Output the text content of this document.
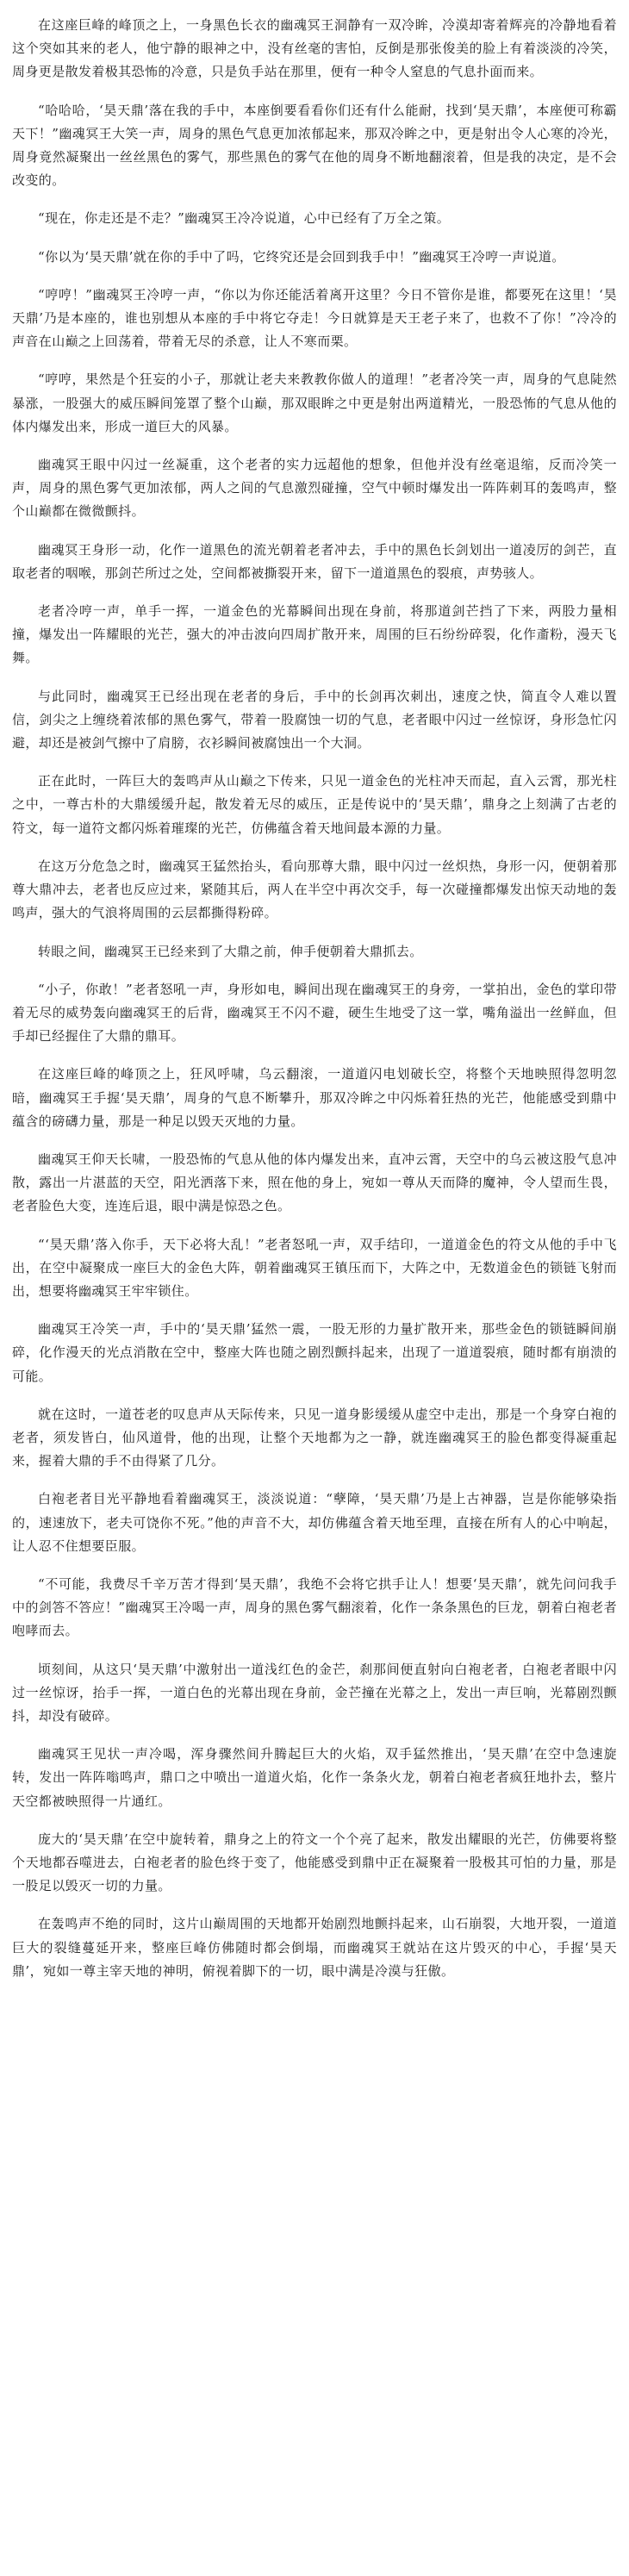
在这座巨峰的峰顶之上，一身黑色长衣的幽魂冥王洞静有一双冷眸，冷漠却寄着辉亮的冷静地看着这个突如其来的老人，他宁静的眼神之中，没有丝毫的害怕，反倒是那张俊美的脸上有着淡淡的冷笑，周身更是散发着极其恐怖的冷意，只是负手站在那里，便有一种令人窒息的气息扑面而来。

“哈哈哈，‘昊天鼎’落在我的手中，本座倒要看看你们还有什么能耐，找到‘昊天鼎’，本座便可称霸天下！”幽魂冥王大笑一声，周身的黑色气息更加浓郁起来，那双冷眸之中，更是射出令人心寒的冷光，周身竟然凝聚出一丝丝黑色的雾气，那些黑色的雾气在他的周身不断地翻滚着，但是我的决定，是不会改变的。

“现在，你走还是不走？”幽魂冥王冷冷说道，心中已经有了万全之策。

“你以为‘昊天鼎’就在你的手中了吗，它终究还是会回到我手中！”幽魂冥王冷哼一声说道。

“哼哼！”幽魂冥王冷哼一声，“你以为你还能活着离开这里？今日不管你是谁，都要死在这里！‘昊天鼎’乃是本座的，谁也别想从本座的手中将它夺走！今日就算是天王老子来了，也救不了你！”冷冷的声音在山巅之上回荡着，带着无尽的杀意，让人不寒而栗。

“哼哼，果然是个狂妄的小子，那就让老夫来教教你做人的道理！”老者冷笑一声，周身的气息陡然暴涨，一股强大的威压瞬间笼罩了整个山巅，那双眼眸之中更是射出两道精光，一股恐怖的气息从他的体内爆发出来，形成一道巨大的风暴。

幽魂冥王眼中闪过一丝凝重，这个老者的实力远超他的想象，但他并没有丝毫退缩，反而冷笑一声，周身的黑色雾气更加浓郁，两人之间的气息激烈碰撞，空气中顿时爆发出一阵阵刺耳的轰鸣声，整个山巅都在微微颤抖。

幽魂冥王身形一动，化作一道黑色的流光朝着老者冲去，手中的黑色长剑划出一道凌厉的剑芒，直取老者的咽喉，那剑芒所过之处，空间都被撕裂开来，留下一道道黑色的裂痕，声势骇人。

老者冷哼一声，单手一挥，一道金色的光幕瞬间出现在身前，将那道剑芒挡了下来，两股力量相撞，爆发出一阵耀眼的光芒，强大的冲击波向四周扩散开来，周围的巨石纷纷碎裂，化作齑粉，漫天飞舞。

与此同时，幽魂冥王已经出现在老者的身后，手中的长剑再次刺出，速度之快，简直令人难以置信，剑尖之上缠绕着浓郁的黑色雾气，带着一股腐蚀一切的气息，老者眼中闪过一丝惊讶，身形急忙闪避，却还是被剑气擦中了肩膀，衣衫瞬间被腐蚀出一个大洞。

正在此时，一阵巨大的轰鸣声从山巅之下传来，只见一道金色的光柱冲天而起，直入云霄，那光柱之中，一尊古朴的大鼎缓缓升起，散发着无尽的威压，正是传说中的‘昊天鼎’，鼎身之上刻满了古老的符文，每一道符文都闪烁着璀璨的光芒，仿佛蕴含着天地间最本源的力量。

在这万分危急之时，幽魂冥王猛然抬头，看向那尊大鼎，眼中闪过一丝炽热，身形一闪，便朝着那尊大鼎冲去，老者也反应过来，紧随其后，两人在半空中再次交手，每一次碰撞都爆发出惊天动地的轰鸣声，强大的气浪将周围的云层都撕得粉碎。

转眼之间，幽魂冥王已经来到了大鼎之前，伸手便朝着大鼎抓去。

“小子，你敢！”老者怒吼一声，身形如电，瞬间出现在幽魂冥王的身旁，一掌拍出，金色的掌印带着无尽的威势轰向幽魂冥王的后背，幽魂冥王不闪不避，硬生生地受了这一掌，嘴角溢出一丝鲜血，但手却已经握住了大鼎的鼎耳。

在这座巨峰的峰顶之上，狂风呼啸，乌云翻滚，一道道闪电划破长空，将整个天地映照得忽明忽暗，幽魂冥王手握‘昊天鼎’，周身的气息不断攀升，那双冷眸之中闪烁着狂热的光芒，他能感受到鼎中蕴含的磅礴力量，那是一种足以毁天灭地的力量。

幽魂冥王仰天长啸，一股恐怖的气息从他的体内爆发出来，直冲云霄，天空中的乌云被这股气息冲散，露出一片湛蓝的天空，阳光洒落下来，照在他的身上，宛如一尊从天而降的魔神，令人望而生畏，老者脸色大变，连连后退，眼中满是惊恐之色。

“‘昊天鼎’落入你手，天下必将大乱！”老者怒吼一声，双手结印，一道道金色的符文从他的手中飞出，在空中凝聚成一座巨大的金色大阵，朝着幽魂冥王镇压而下，大阵之中，无数道金色的锁链飞射而出，想要将幽魂冥王牢牢锁住。

幽魂冥王冷笑一声，手中的‘昊天鼎’猛然一震，一股无形的力量扩散开来，那些金色的锁链瞬间崩碎，化作漫天的光点消散在空中，整座大阵也随之剧烈颤抖起来，出现了一道道裂痕，随时都有崩溃的可能。

就在这时，一道苍老的叹息声从天际传来，只见一道身影缓缓从虚空中走出，那是一个身穿白袍的老者，须发皆白，仙风道骨，他的出现，让整个天地都为之一静，就连幽魂冥王的脸色都变得凝重起来，握着大鼎的手不由得紧了几分。

白袍老者目光平静地看着幽魂冥王，淡淡说道：“孽障，‘昊天鼎’乃是上古神器，岂是你能够染指的，速速放下，老夫可饶你不死。”他的声音不大，却仿佛蕴含着天地至理，直接在所有人的心中响起，让人忍不住想要臣服。

“不可能，我费尽千辛万苦才得到‘昊天鼎’，我绝不会将它拱手让人！想要‘昊天鼎’，就先问问我手中的剑答不答应！”幽魂冥王冷喝一声，周身的黑色雾气翻滚着，化作一条条黑色的巨龙，朝着白袍老者咆哮而去。

顷刻间，从这只‘昊天鼎’中激射出一道浅红色的金芒，刹那间便直射向白袍老者，白袍老者眼中闪过一丝惊讶，抬手一挥，一道白色的光幕出现在身前，金芒撞在光幕之上，发出一声巨响，光幕剧烈颤抖，却没有破碎。

幽魂冥王见状一声冷喝，浑身骤然间升腾起巨大的火焰，双手猛然推出，‘昊天鼎’在空中急速旋转，发出一阵阵嗡鸣声，鼎口之中喷出一道道火焰，化作一条条火龙，朝着白袍老者疯狂地扑去，整片天空都被映照得一片通红。

庞大的‘昊天鼎’在空中旋转着，鼎身之上的符文一个个亮了起来，散发出耀眼的光芒，仿佛要将整个天地都吞噬进去，白袍老者的脸色终于变了，他能感受到鼎中正在凝聚着一股极其可怕的力量，那是一股足以毁灭一切的力量。

在轰鸣声不绝的同时，这片山巅周围的天地都开始剧烈地颤抖起来，山石崩裂，大地开裂，一道道巨大的裂缝蔓延开来，整座巨峰仿佛随时都会倒塌，而幽魂冥王就站在这片毁灭的中心，手握‘昊天鼎’，宛如一尊主宰天地的神明，俯视着脚下的一切，眼中满是冷漠与狂傲。
